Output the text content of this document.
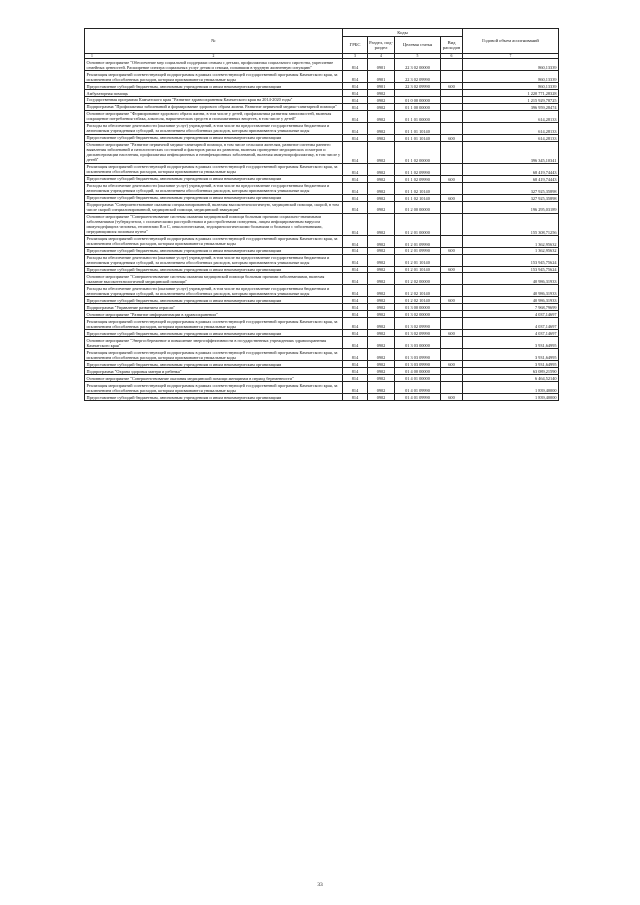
№	Коды				Годовой объем ассигнований
	ГРБС	Раздел, под-раздел	Целевая статья	Вид расходов	

1 2	3	4	5	6	7
Основное мероприятие "Обеспечение мер социальной поддержки семьям с детьми, профилактика социального сиротства, укрепление семейных ценностей. Расширение спектра социальных услуг детям и семьям, попавшим в трудную жизненную ситуацию"	814	0901	22 3 02 00000		860,13339
Реализация мероприятий соответствующей подпрограммы в рамках соответствующей государственной программы Камчатского края, за исключением обособленных расходов, которым присваиваются уникальные коды	814	0901	22 3 02 09990		860,13339
Предоставление субсидий бюджетным, автономным учреждениям и иным некоммерческим организациям	814	0901	22 3 02 09990	600	860,13339
Амбулаторная помощь	814	0902			1 220 771,28328
Государственная программа Камчатского края "Развитие здравоохранения Камчатского края на 2014-2020 годы"	814	0902	01 0 00 00000		1 215 929,78725
Подпрограмма "Профилактика заболеваний и формирование здорового образа жизни. Развитие первичной медико-санитарной помощи"	814	0902	01 1 00 00000		396 959,28474
Основное мероприятие "Формирование здорового образа жизни, в том числе у детей, профилактика развития зависимостей, включая сокращение потребления табака, алкоголя, наркотических средств и психоактивных веществ, в том числе у детей"	814	0902	01 1 01 00000		614,28133
Расходы на обеспечение деятельности (оказание услуг) учреждений, в том числе на предоставление государственным бюджетным и автономным учреждениям субсидий, за исключением обособленных расходов, которым присваиваются уникальные коды	814	0902	01 1 01 10140		614,28133
Предоставление субсидий бюджетным, автономным учреждениям и иным некоммерческим организациям	814	0902	01 1 01 10140	600	614,28133
Основное мероприятие "Развитие первичной медико-санитарной помощи, в том числе сельским жителям, развитие системы раннего выявления заболеваний и патологических состояний и факторов риска их развития, включая проведение медицинских осмотров и диспансеризации населения, профилактика инфекционных и неинфекционных заболеваний, включая иммунопрофилактику, в том числе у детей"	814	0902	01 1 02 00000		396 345,10341
Реализация мероприятий соответствующей подпрограммы в рамках соответствующей государственной программы Камчатского края, за исключением обособленных расходов, которым присваиваются уникальные коды	814	0902	01 1 02 09990		68 419,74443
Предоставление субсидий бюджетным, автономным учреждениям и иным некоммерческим организациям	814	0902	01 1 02 09990	600	68 419,74443
Расходы на обеспечение деятельности (оказание услуг) учреждений, в том числе на предоставление государственным бюджетным и автономным учреждениям субсидий, за исключением обособленных расходов, которым присваиваются уникальные коды	814	0902	01 1 02 10140		327 925,35898
Предоставление субсидий бюджетным, автономным учреждениям и иным некоммерческим организациям	814	0902	01 1 02 10140	600	327 925,35898
Подпрограмма "Совершенствование оказания специализированной, включая высокотехнологичную, медицинской помощи, скорой, в том числе скорой специализированной, медицинской помощи, медицинской эвакуации"	814	0902	01 2 00 00000		196 295,03189
Основное мероприятие "Совершенствование системы оказания медицинской помощи больным прочими социально-значимыми заболеваниями (туберкулезом, с психическими расстройствами и расстройствами поведения, лицам инфицированным вирусом иммунодефицита человека, гепатитами В и С, онкологическими, эндокринологическими больными и больным с заболеваниями, передающимися половым путем"	814	0902	01 2 01 00000		155 308,71256
Реализация мероприятий соответствующей подпрограммы в рамках соответствующей государственной программы Камчатского края, за исключением обособленных расходов, которым присваиваются уникальные коды	814	0902	01 2 01 09990		1 362,95632
Предоставление субсидий бюджетным, автономным учреждениям и иным некоммерческим организациям	814	0902	01 2 01 09990	600	1 362,95632
Расходы на обеспечение деятельности (оказание услуг) учреждений, в том числе на предоставление государственным бюджетным и автономным учреждениям субсидий, за исключением обособленных расходов, которым присваиваются уникальные коды	814	0902	01 2 01 10140		153 945,75624
Предоставление субсидий бюджетным, автономным учреждениям и иным некоммерческим организациям	814	0902	01 2 01 10140	600	153 945,75624
Основное мероприятие "Совершенствование системы оказания медицинской помощи больным прочими заболеваниями, включая оказание высокотехнологичной медицинской помощи"	814	0902	01 2 02 00000		40 986,31933
Расходы на обеспечение деятельности (оказание услуг) учреждений, в том числе на предоставление государственным бюджетным и автономным учреждениям субсидий, за исключением обособленных расходов, которым присваиваются уникальные коды	814	0902	01 2 02 10140		40 986,31933
Предоставление субсидий бюджетным, автономным учреждениям и иным некоммерческим организациям	814	0902	01 2 02 10140	600	40 986,31933
Подпрограмма "Управление развитием отрасли"	814	0902	01 3 00 00000		7 968,79699
Основное мероприятие "Развитие информатизации в здравоохранении"	814	0902	01 3 02 00000		4 037,14697
Реализация мероприятий соответствующей подпрограммы в рамках соответствующей государственной программы Камчатского края, за исключением обособленных расходов, которым присваиваются уникальные коды	814	0902	01 3 02 09990		4 037,14697
Предоставление субсидий бюджетным, автономным учреждениям и иным некоммерческим организациям	814	0902	01 3 02 09990	600	4 037,14697
Основное мероприятие "Энергосбережение и повышение энергоэффективности в государственных учреждениях здравоохранения Камчатского края"	814	0902	01 3 03 00000		3 931,64995
Реализация мероприятий соответствующей подпрограммы в рамках соответствующей государственной программы Камчатского края, за исключением обособленных расходов, которым присваиваются уникальные коды	814	0902	01 3 03 09990		3 931,64995
Предоставление субсидий бюджетным, автономным учреждениям и иным некоммерческим организациям	814	0902	01 3 03 09990	600	3 931,64995
Подпрограмма "Охрана здоровья матери и ребенка"	814	0902	01 4 00 00000		63 089,21590
Основное мероприятие "Совершенствование оказания медицинской помощи женщинам в период беременности"	814	0902	01 4 01 00000		6 464,52140
Реализация мероприятий соответствующей подпрограммы в рамках соответствующей государственной программы Камчатского края, за исключением обособленных расходов, которым присваиваются уникальные коды	814	0902	01 4 01 09990		1 839,40000
Предоставление субсидий бюджетным, автономным учреждениям и иным некоммерческим организациям	814	0902	01 4 01 09990	600	1 839,40000
33
